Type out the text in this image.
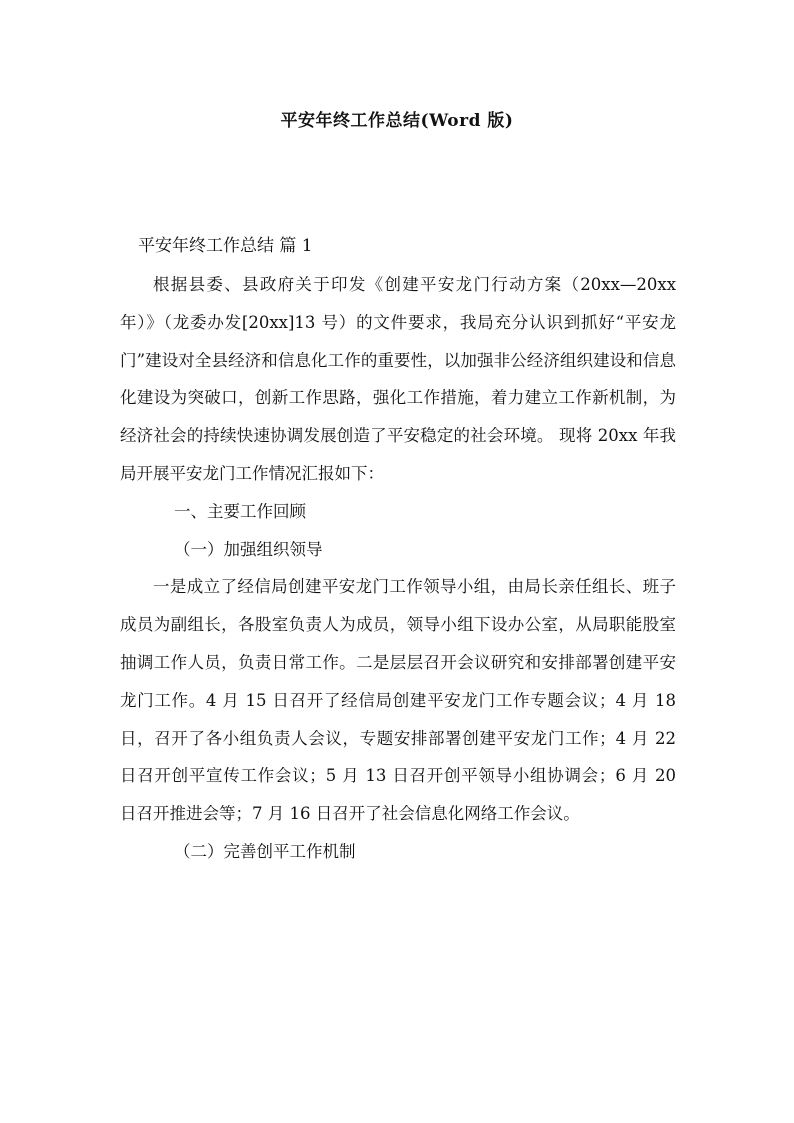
平安年终工作总结(Word 版)

平安年终工作总结 篇 1

根据县委、县政府关于印发《创建平安龙门行动方案（20xx—20xx 年）》（龙委办发[20xx]13 号）的文件要求，我局充分认识到抓好“平安龙门”建设对全县经济和信息化工作的重要性，以加强非公经济组织建设和信息化建设为突破口，创新工作思路，强化工作措施，着力建立工作新机制，为经济社会的持续快速协调发展创造了平安稳定的社会环境。 现将 20xx 年我局开展平安龙门工作情况汇报如下：

一、主要工作回顾

（一）加强组织领导

一是成立了经信局创建平安龙门工作领导小组，由局长亲任组长、班子成员为副组长，各股室负责人为成员，领导小组下设办公室，从局职能股室抽调工作人员，负责日常工作。二是层层召开会议研究和安排部署创建平安龙门工作。4 月 15 日召开了经信局创建平安龙门工作专题会议；4 月 18 日，召开了各小组负责人会议，专题安排部署创建平安龙门工作；4 月 22 日召开创平宣传工作会议；5 月 13 日召开创平领导小组协调会；6 月 20 日召开推进会等；7 月 16 日召开了社会信息化网络工作会议。

（二）完善创平工作机制
